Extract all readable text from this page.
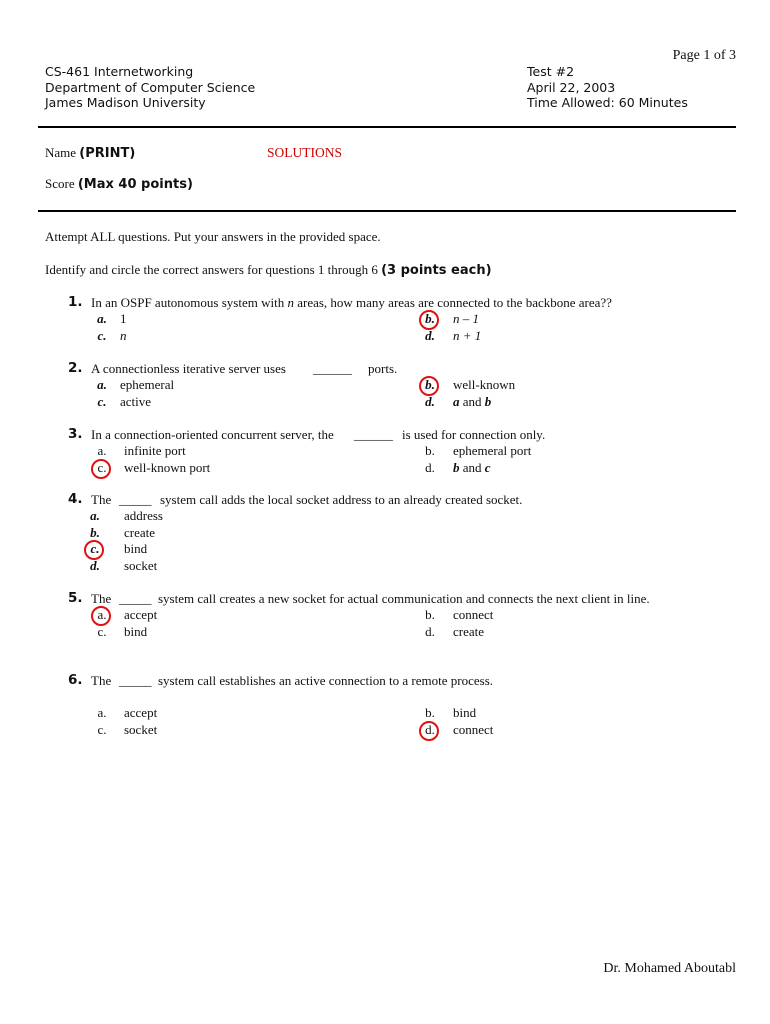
Page 1 of 3
CS-461 Internetworking
Department of Computer Science
James Madison University
Test #2
April 22, 2003
Time Allowed: 60 Minutes
Name (PRINT)	SOLUTIONS
Score (Max 40 points)
Attempt ALL questions. Put your answers in the provided space.
Identify and circle the correct answers for questions 1 through 6 (3 points each)
1. In an OSPF autonomous system with n areas, how many areas are connected to the backbone area??
a.	1	b.	n – 1
c.	n	d.	n + 1
2. A connectionless iterative server uses ______ ports.
a.	ephemeral	b.	well-known
c.	active	d.	a and b
3. In a connection-oriented concurrent server, the ______ is used for connection only.
a.	infinite port	b.	ephemeral port
c.	well-known port	d.	b and c
4. The _____ system call adds the local socket address to an already created socket.
a.	address
b.	create
c.	bind
d.	socket
5. The _____ system call creates a new socket for actual communication and connects the next client in line.
a.	accept	b.	connect
c.	bind	d.	create
6. The _____ system call establishes an active connection to a remote process.
a.	accept	b.	bind
c.	socket	d.	connect
Dr. Mohamed Aboutabl
